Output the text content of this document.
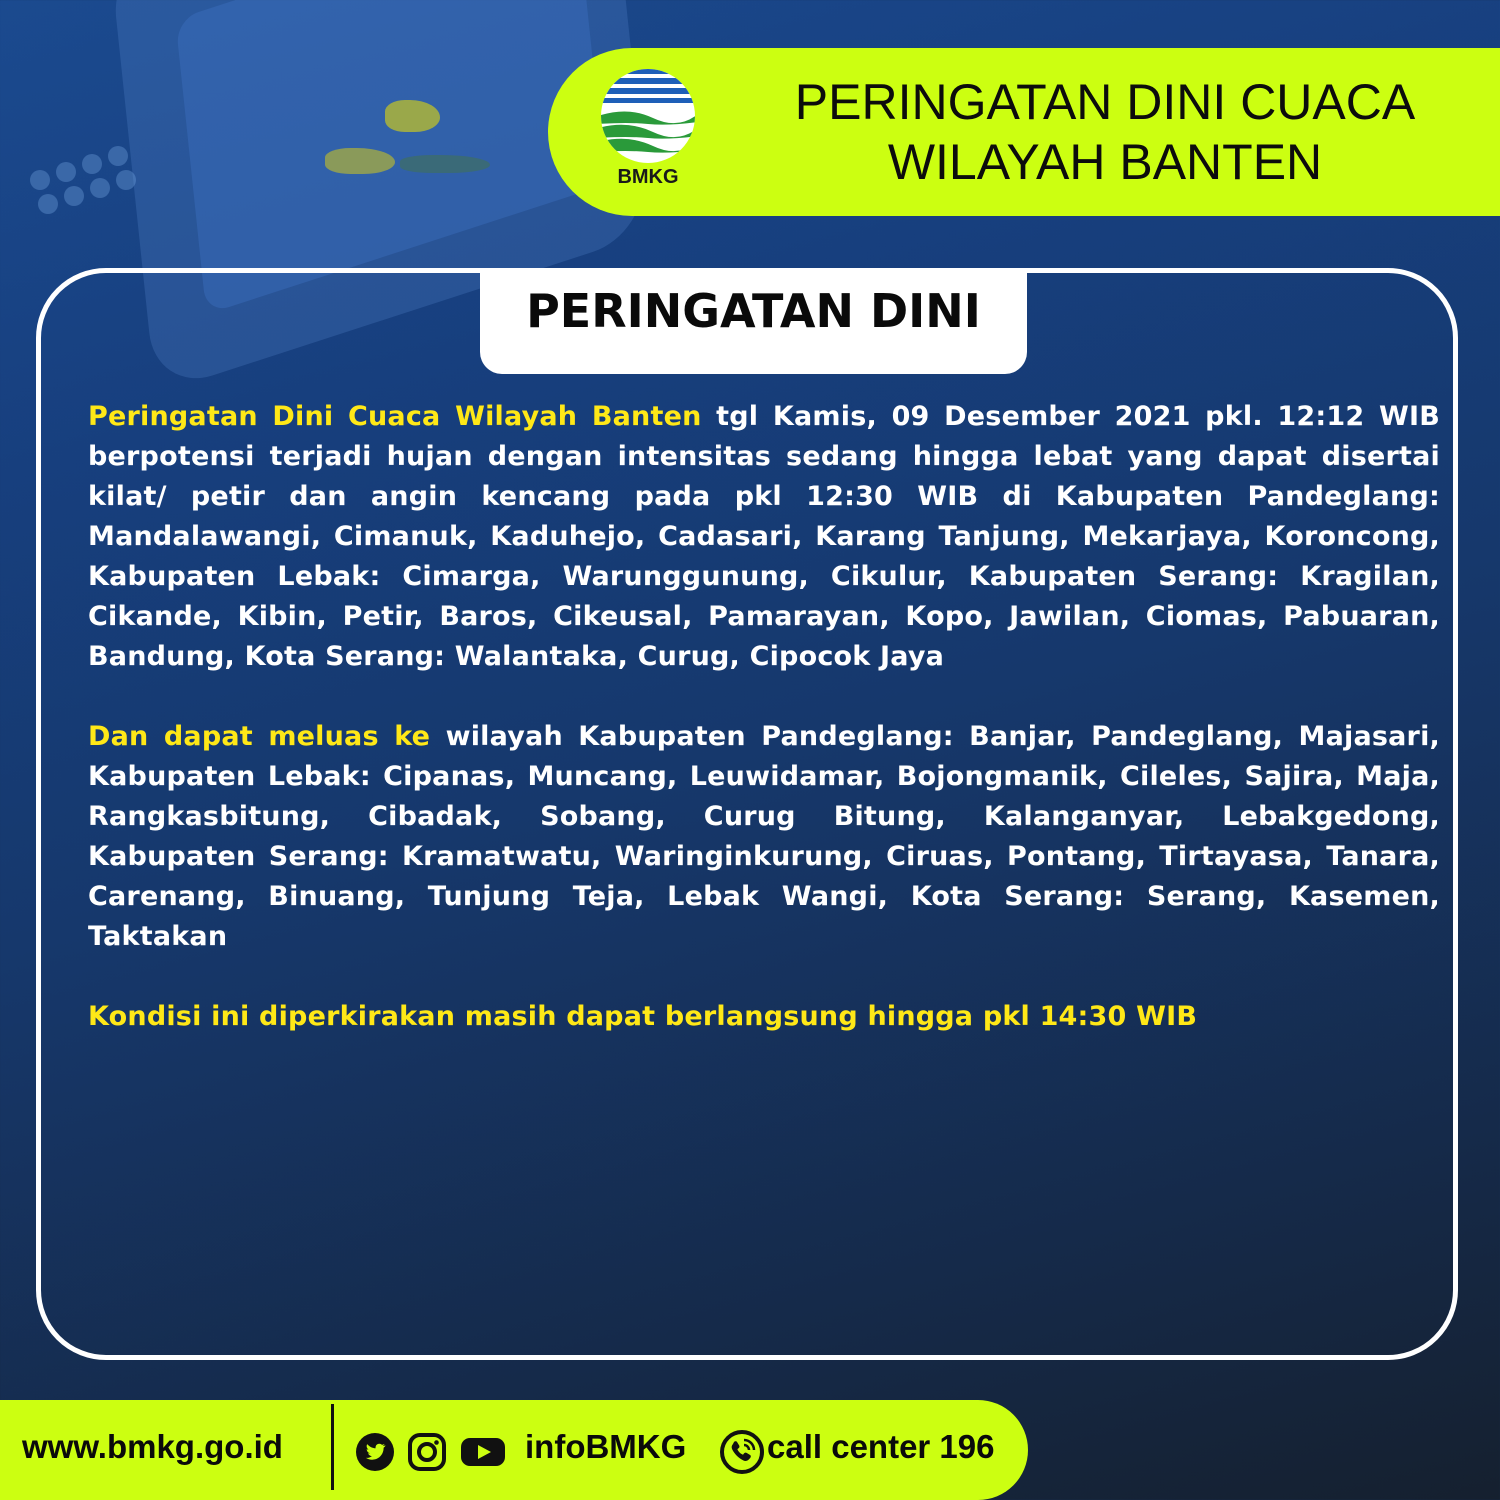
BMKG
PERINGATAN DINI CUACA
WILAYAH BANTEN
PERINGATAN DINI

Peringatan Dini Cuaca Wilayah Banten tgl Kamis, 09 Desember 2021 pkl. 12:12 WIB berpotensi terjadi hujan dengan intensitas sedang hingga lebat yang dapat disertai kilat/ petir dan angin kencang pada pkl 12:30 WIB di Kabupaten Pandeglang: Mandalawangi, Cimanuk, Kaduhejo, Cadasari, Karang Tanjung, Mekarjaya, Koroncong, Kabupaten Lebak: Cimarga, Warunggunung, Cikulur, Kabupaten Serang: Kragilan, Cikande, Kibin, Petir, Baros, Cikeusal, Pamarayan, Kopo, Jawilan, Ciomas, Pabuaran, Bandung, Kota Serang: Walantaka, Curug, Cipocok Jaya

Dan dapat meluas ke wilayah Kabupaten Pandeglang: Banjar, Pandeglang, Majasari, Kabupaten Lebak: Cipanas, Muncang, Leuwidamar, Bojongmanik, Cileles, Sajira, Maja, Rangkasbitung, Cibadak, Sobang, Curug Bitung, Kalanganyar, Lebakgedong, Kabupaten Serang: Kramatwatu, Waringinkurung, Ciruas, Pontang, Tirtayasa, Tanara, Carenang, Binuang, Tunjung Teja, Lebak Wangi, Kota Serang: Serang, Kasemen, Taktakan

Kondisi ini diperkirakan masih dapat berlangsung hingga pkl 14:30 WIB

www.bmkg.go.id	infoBMKG call center 196
